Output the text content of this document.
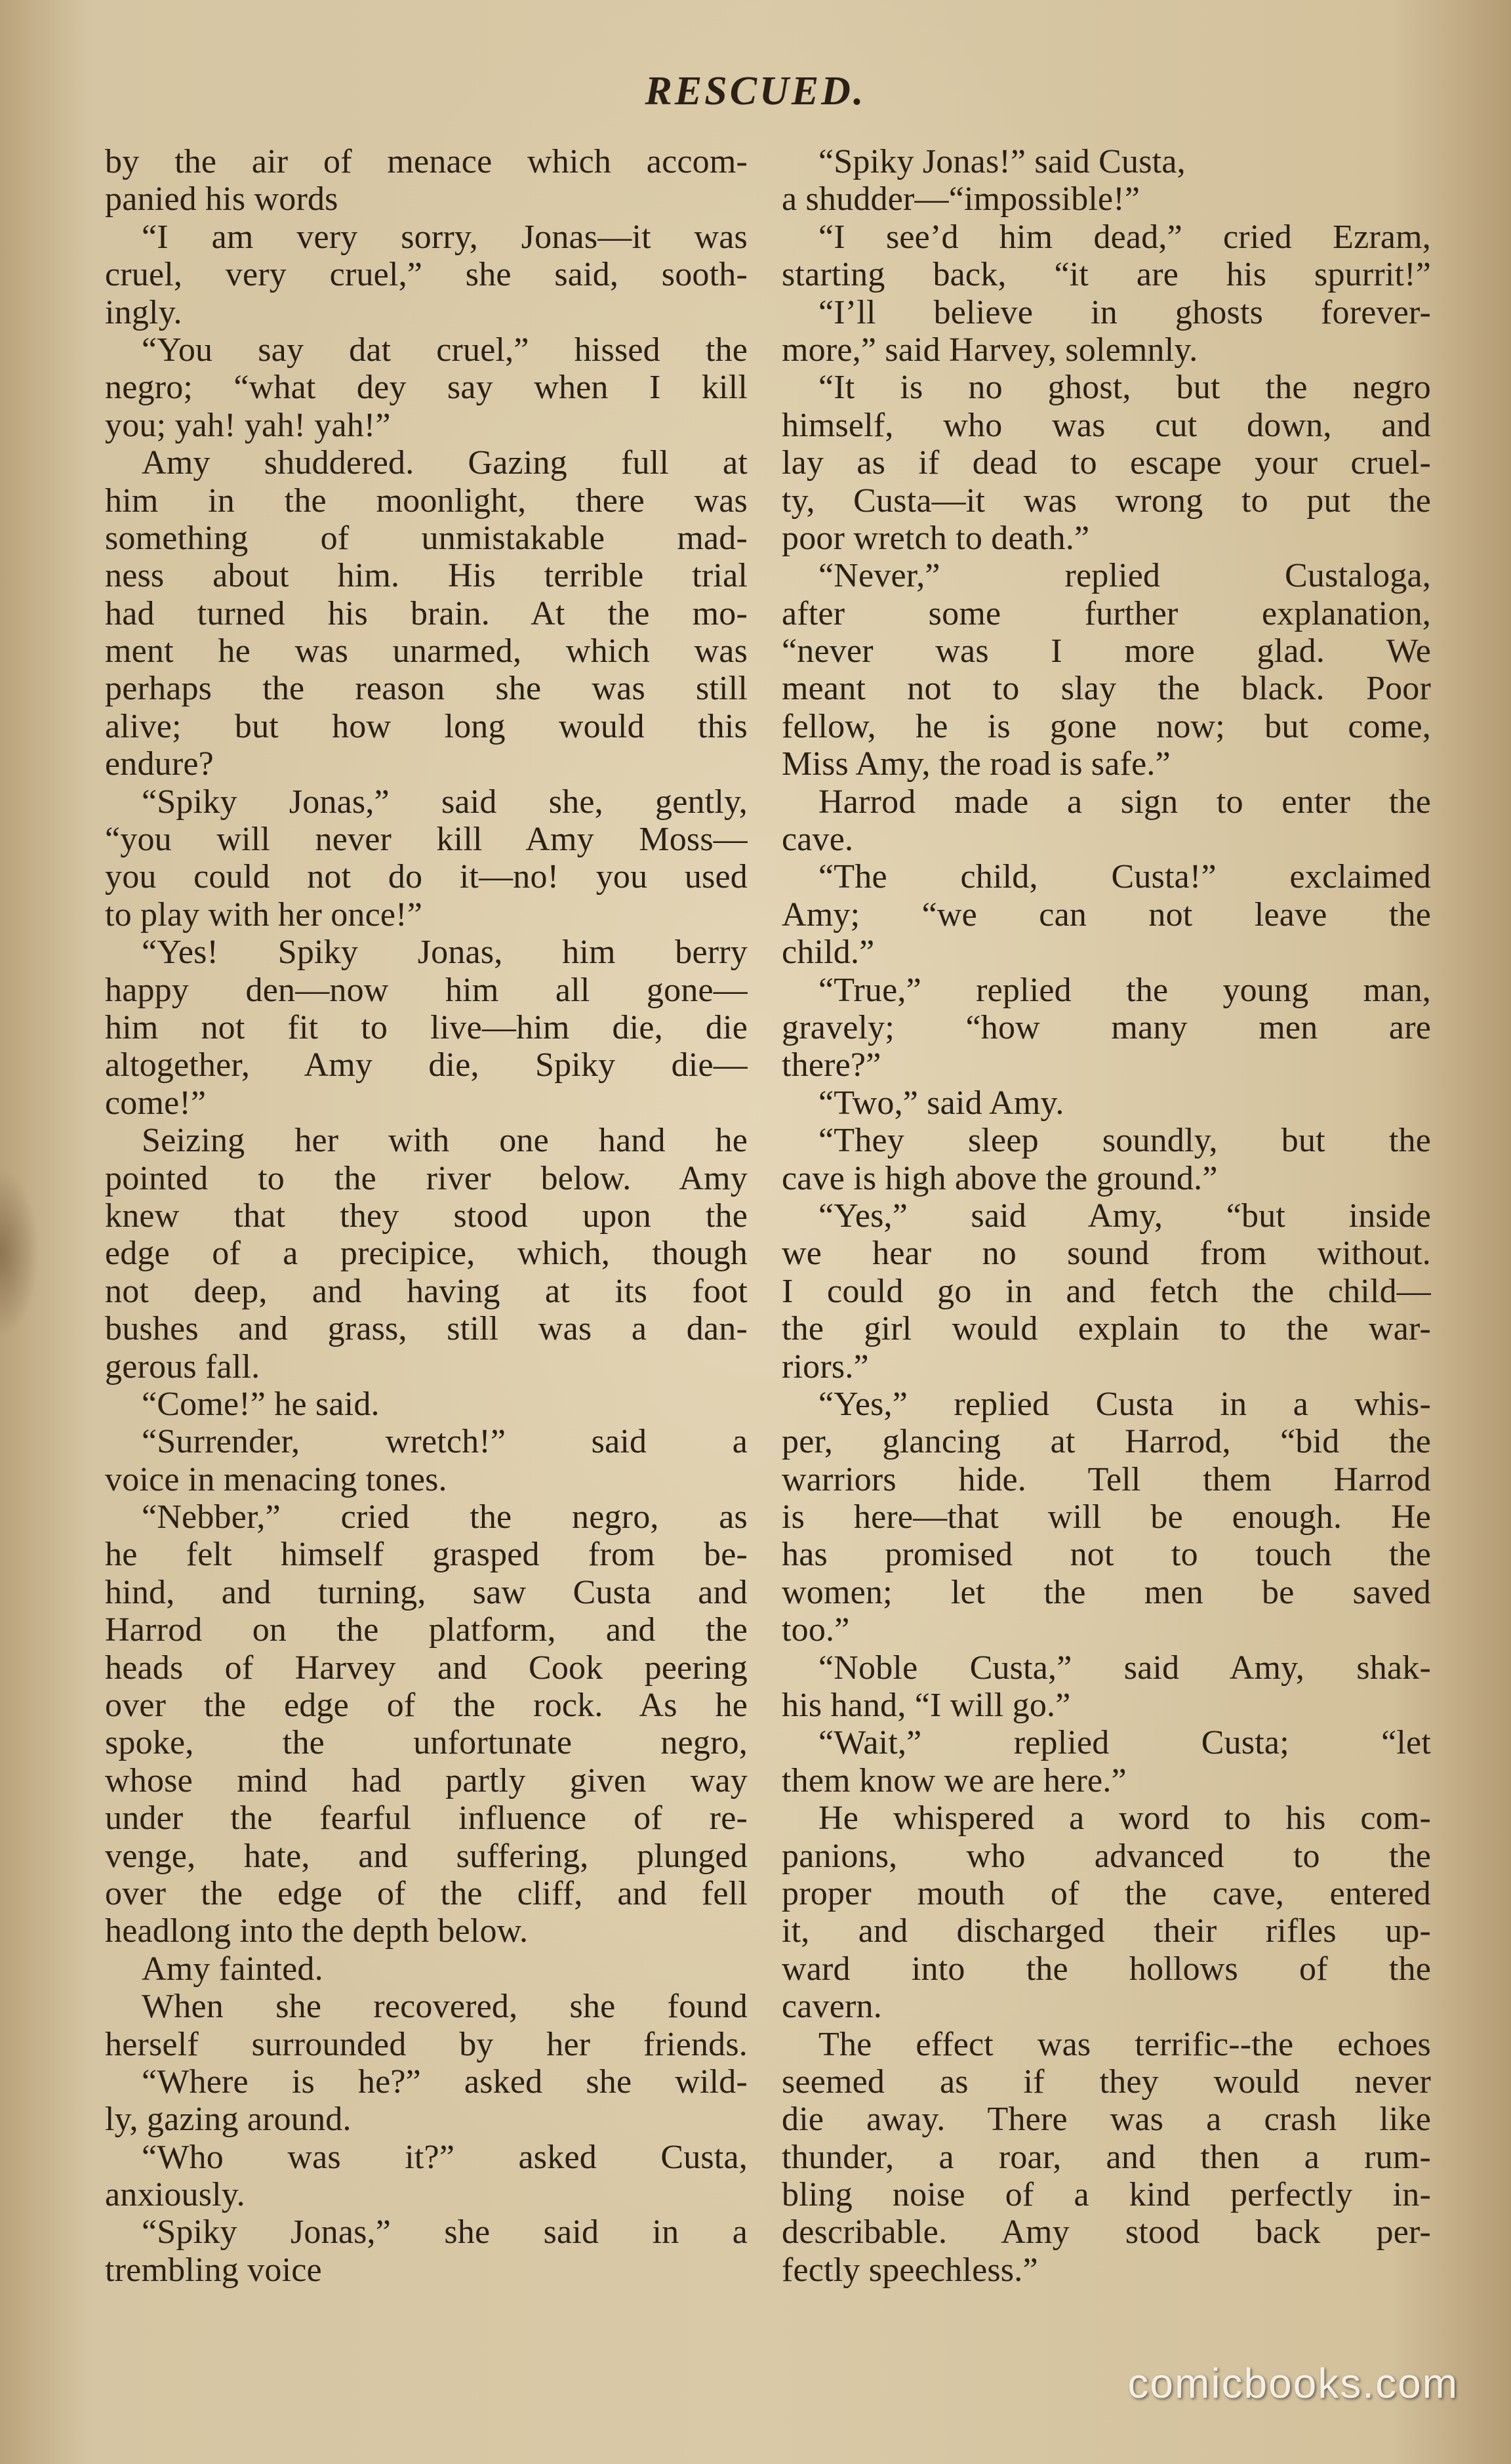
RESCUED.
by the air of menace which accom-
panied his words
“I am very sorry, Jonas—it was
cruel, very cruel,” she said, sooth-
ingly.
“You say dat cruel,” hissed the
negro; “what dey say when I kill
you; yah! yah! yah!”
Amy shuddered. Gazing full at
him in the moonlight, there was
something of unmistakable mad-
ness about him. His terrible trial
had turned his brain. At the mo-
ment he was unarmed, which was
perhaps the reason she was still
alive; but how long would this
endure?
“Spiky Jonas,” said she, gently,
“you will never kill Amy Moss—
you could not do it—no! you used
to play with her once!”
“Yes! Spiky Jonas, him berry
happy den—now him all gone—
him not fit to live—him die, die
altogether, Amy die, Spiky die—
come!”
Seizing her with one hand he
pointed to the river below. Amy
knew that they stood upon the
edge of a precipice, which, though
not deep, and having at its foot
bushes and grass, still was a dan-
gerous fall.
“Come!” he said.
“Surrender, wretch!” said a
voice in menacing tones.
“Nebber,” cried the negro, as
he felt himself grasped from be-
hind, and turning, saw Custa and
Harrod on the platform, and the
heads of Harvey and Cook peering
over the edge of the rock. As he
spoke, the unfortunate negro,
whose mind had partly given way
under the fearful influence of re-
venge, hate, and suffering, plunged
over the edge of the cliff, and fell
headlong into the depth below.
Amy fainted.
When she recovered, she found
herself surrounded by her friends.
“Where is he?” asked she wild-
ly, gazing around.
“Who was it?” asked Custa,
anxiously.
“Spiky Jonas,” she said in a
trembling voice
“Spiky Jonas!” said Custa,
a shudder—“impossible!”
“I see’d him dead,” cried Ezram,
starting back, “it are his spurrit!”
“I’ll believe in ghosts forever-
more,” said Harvey, solemnly.
“It is no ghost, but the negro
himself, who was cut down, and
lay as if dead to escape your cruel-
ty, Custa—it was wrong to put the
poor wretch to death.”
“Never,” replied Custaloga,
after some further explanation,
“never was I more glad. We
meant not to slay the black. Poor
fellow, he is gone now; but come,
Miss Amy, the road is safe.”
Harrod made a sign to enter the
cave.
“The child, Custa!” exclaimed
Amy; “we can not leave the
child.”
“True,” replied the young man,
gravely; “how many men are
there?”
“Two,” said Amy.
“They sleep soundly, but the
cave is high above the ground.”
“Yes,” said Amy, “but inside
we hear no sound from without.
I could go in and fetch the child—
the girl would explain to the war-
riors.”
“Yes,” replied Custa in a whis-
per, glancing at Harrod, “bid the
warriors hide. Tell them Harrod
is here—that will be enough. He
has promised not to touch the
women; let the men be saved
too.”
“Noble Custa,” said Amy, shak-
his hand, “I will go.”
“Wait,” replied Custa; “let
them know we are here.”
He whispered a word to his com-
panions, who advanced to the
proper mouth of the cave, entered
it, and discharged their rifles up-
ward into the hollows of the
cavern.
The effect was terrific--the echoes
seemed as if they would never
die away. There was a crash like
thunder, a roar, and then a rum-
bling noise of a kind perfectly in-
describable. Amy stood back per-
fectly speechless.”
comicbooks.com
